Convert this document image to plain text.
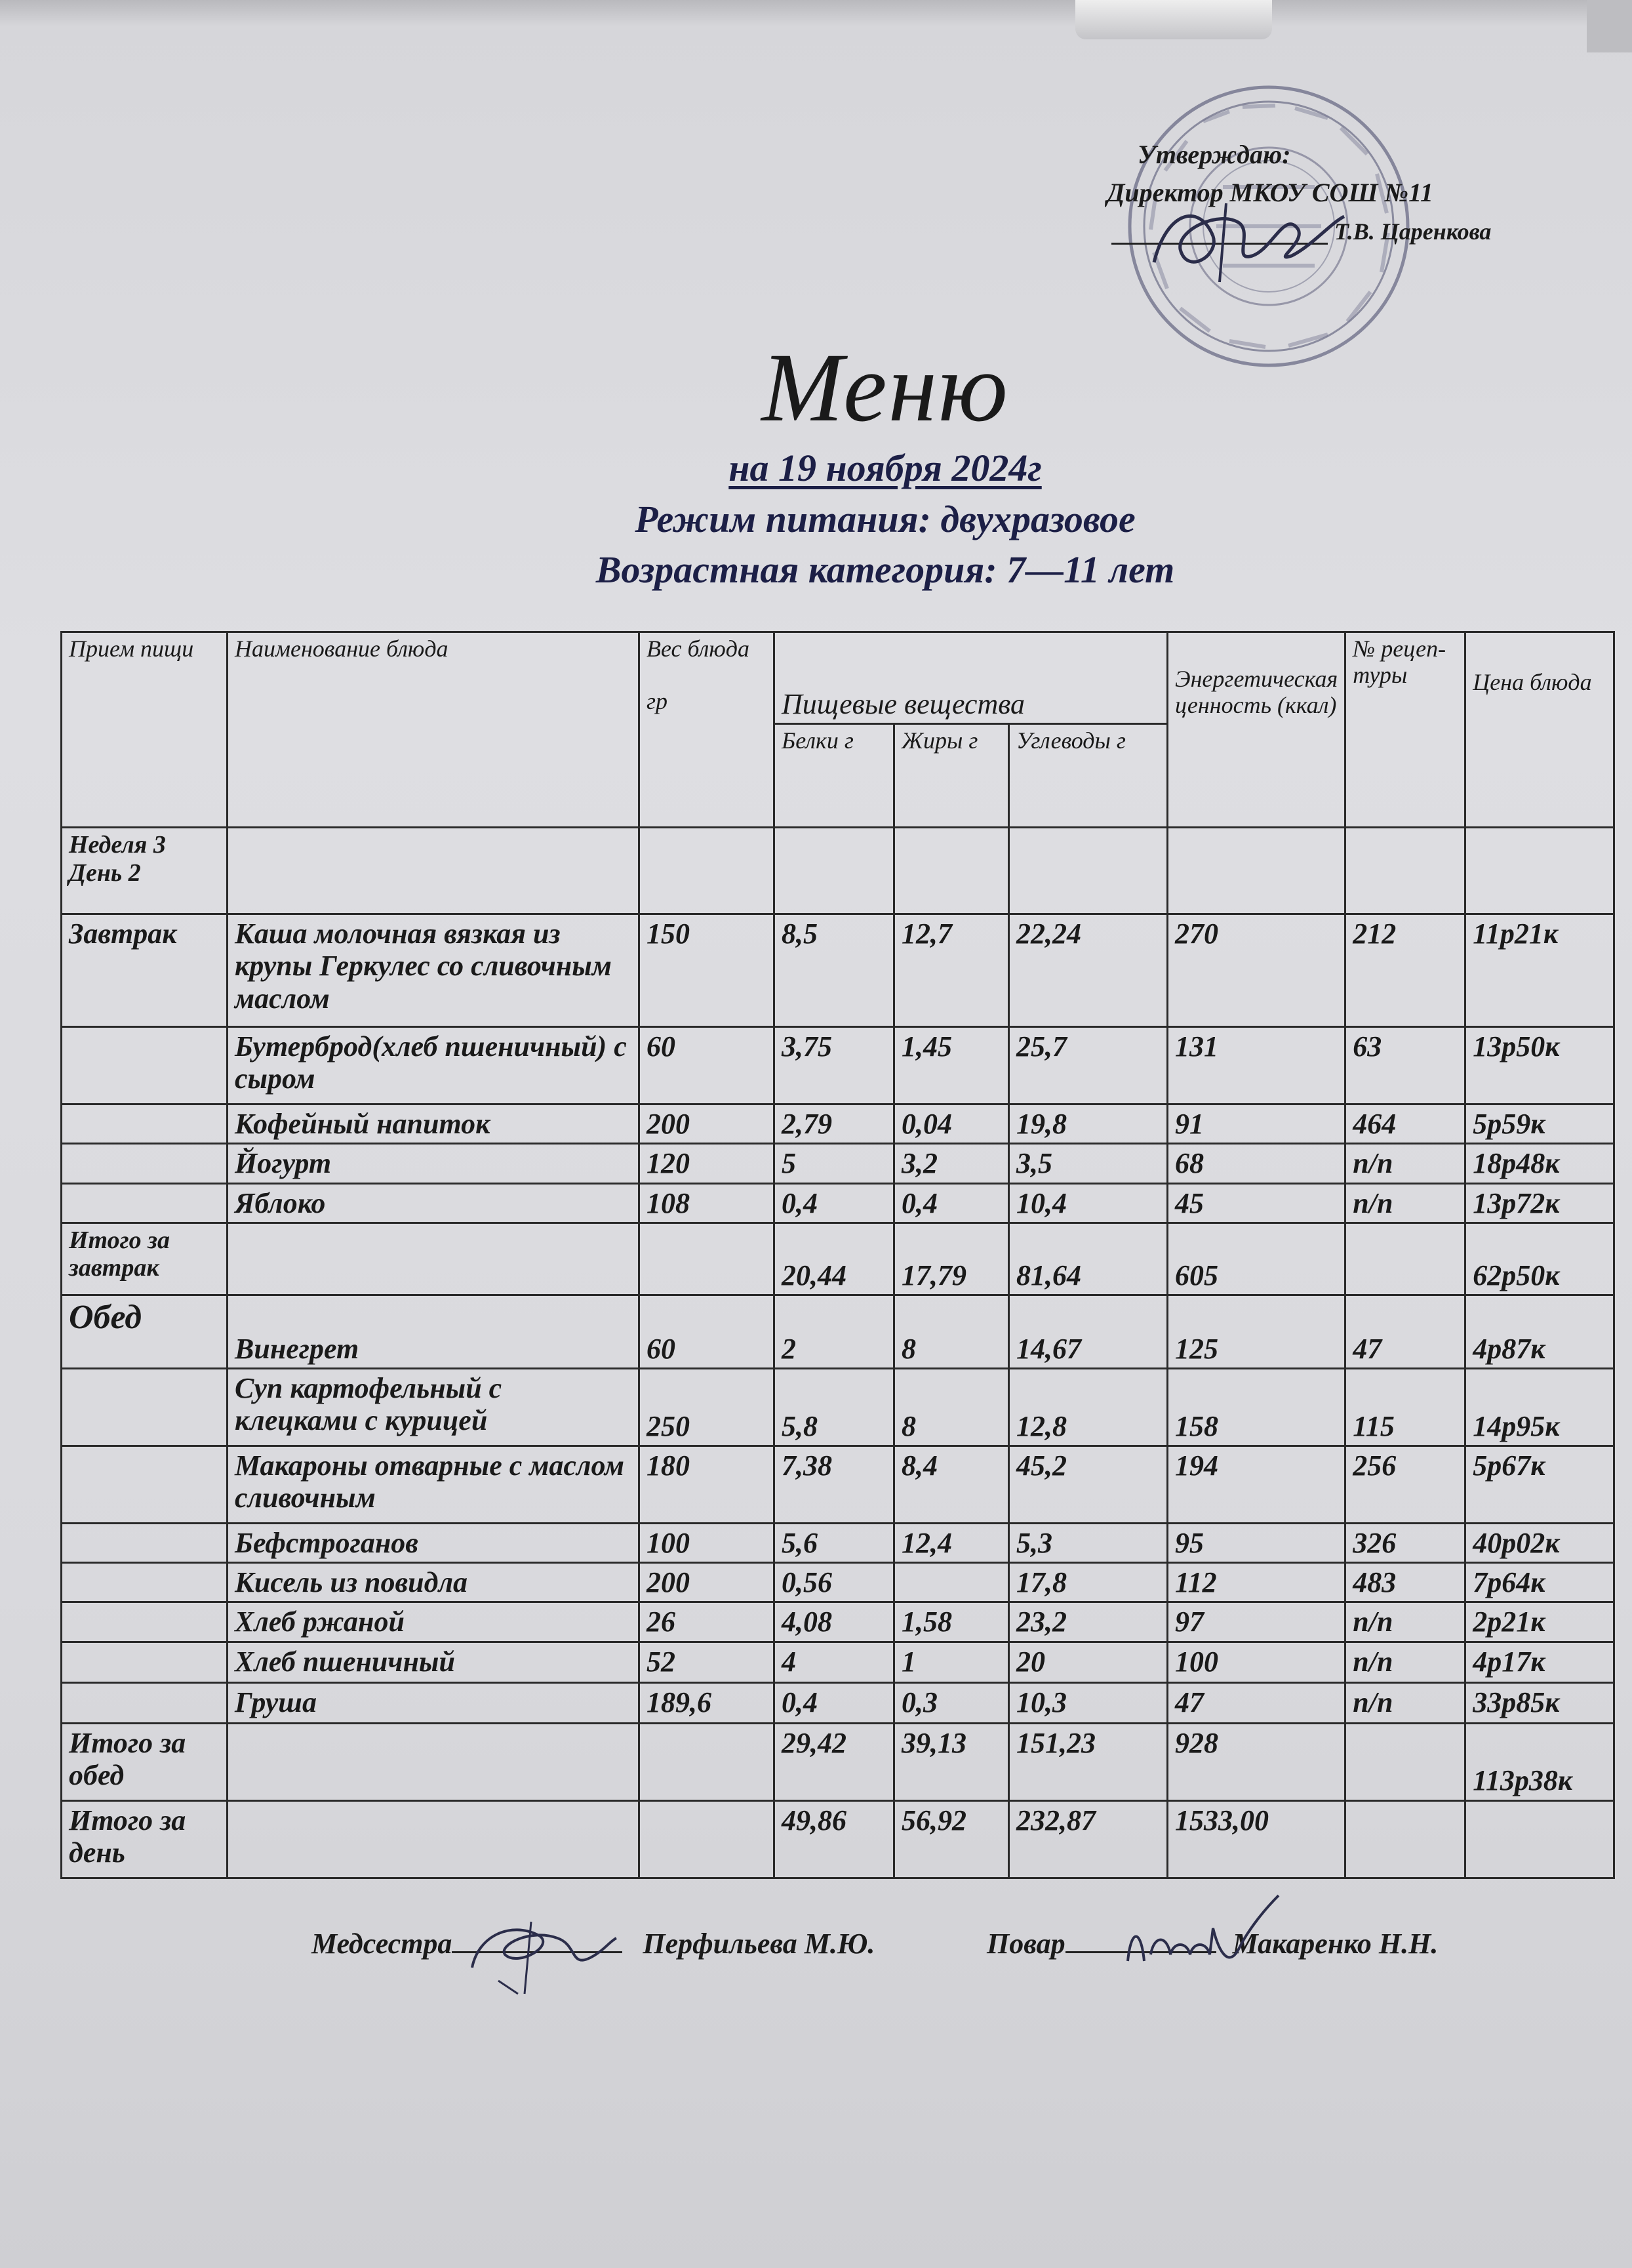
Утверждаю:
Директор МКОУ СОШ №11
Т.В. Царенкова
Меню
на 19 ноября 2024г
Режим питания: двухразовое
Возрастная категория: 7—11 лет
Прием пищи	Наименование блюда	Вес блюда
гр	Пищевые вещества			Энергетическая ценность (ккал)	№ рецеп-туры	Цена блюда
			Белки г	Жиры г	Углеводы г			

Неделя 3
День 2								

Завтрак	Каша молочная вязкая из крупы Геркулес со сливочным маслом	150	8,5	12,7	22,24	270	212	11р21к
	Бутерброд(хлеб пшеничный) с сыром	60	3,75	1,45	25,7	131	63	13р50к
	Кофейный напиток	200	2,79	0,04	19,8	91	464	5р59к
	Йогурт	120	5	3,2	3,5	68	п/п	18р48к
	Яблоко	108	0,4	0,4	10,4	45	п/п	13р72к
Итого за завтрак			20,44	17,79	81,64	605		62р50к
Обед	Винегрет	60	2	8	14,67	125	47	4р87к
	Суп картофельный с клецками с курицей	250	5,8	8	12,8	158	115	14р95к
	Макароны отварные с маслом сливочным	180	7,38	8,4	45,2	194	256	5р67к
	Бефстроганов	100	5,6	12,4	5,3	95	326	40р02к
	Кисель из повидла	200	0,56		17,8	112	483	7р64к
	Хлеб ржаной	26	4,08	1,58	23,2	97	п/п	2р21к
	Хлеб пшеничный	52	4	1	20	100	п/п	4р17к
	Груша	189,6	0,4	0,3	10,3	47	п/п	33р85к
Итого за обед			29,42	39,13	151,23	928		113р38к
Итого за день			49,86	56,92	232,87	1533,00		
Медсестра	Перфильева М.Ю.	Повар	Макаренко Н.Н.
